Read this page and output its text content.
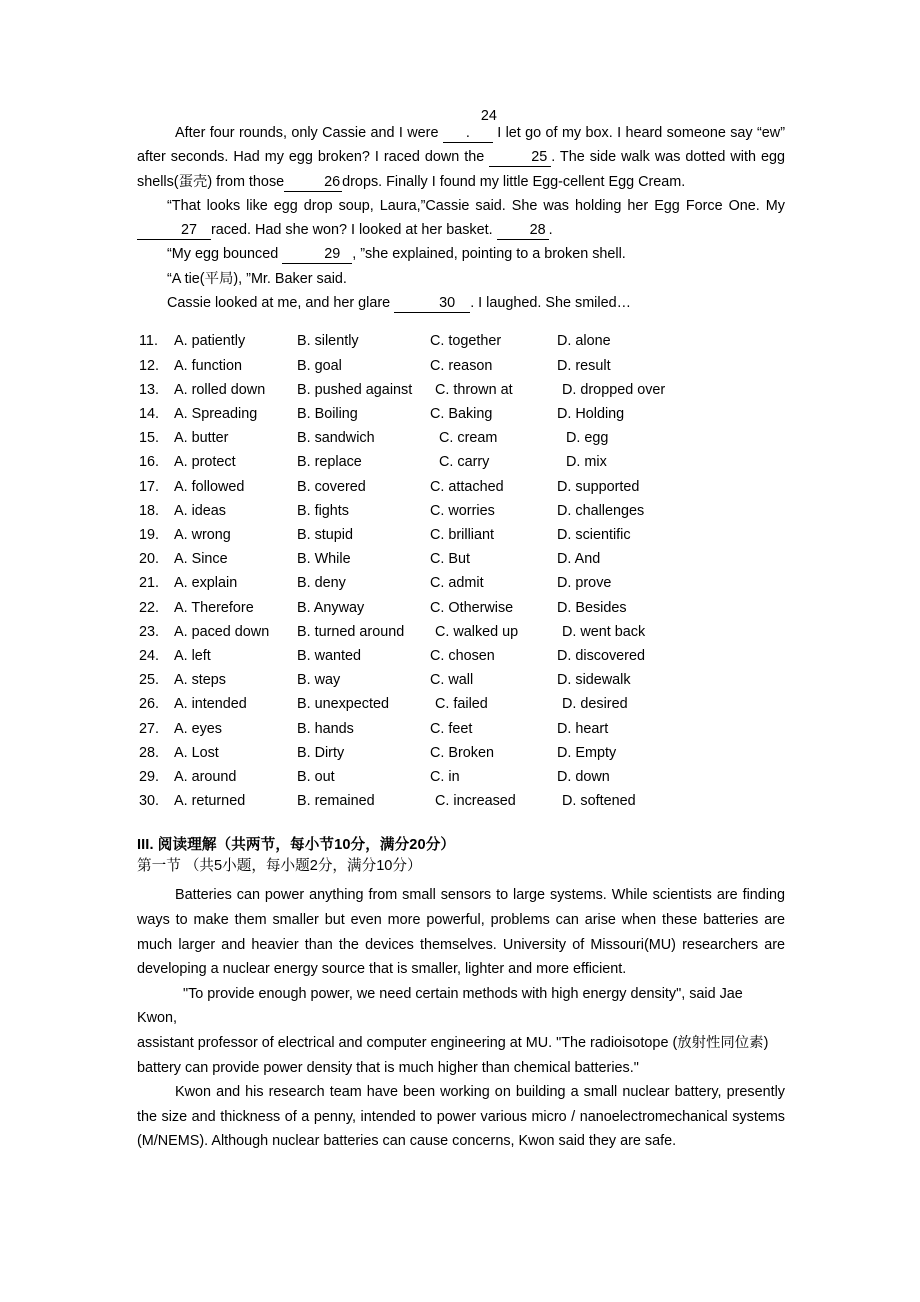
After four rounds, only Cassie and I were 24 . I let go of my box. I heard someone say “ew” after seconds. Had my egg broken? I raced down the	25 . The side walk was dotted with egg shells(蛋壳) from those	26 drops. Finally I found my little Egg-cellent Egg Cream.

“That looks like egg drop soup, Laura,”Cassie said. She was holding her Egg Force One. My 27 raced. Had she won? I looked at her basket. 28 .

“My egg bounced	29 , ”she explained, pointing to a broken shell.

“A tie(平局), ”Mr. Baker said.

Cassie looked at me, and her glare	30 . I laughed. She smiled…

11.	A. patiently	B. silently	C. together	D. alone
12.	A. function	B. goal	C. reason	D. result
13.	A. rolled down	B. pushed against	C. thrown at	D. dropped over
14.	A. Spreading	B. Boiling	C. Baking	D. Holding
15.	A. butter	B. sandwich	C. cream	D. egg
16.	A. protect	B. replace	C. carry	D. mix
17.	A. followed	B. covered	C. attached	D. supported
18.	A. ideas	B. fights	C. worries	D. challenges
19.	A. wrong	B. stupid	C. brilliant	D. scientific
20.	A. Since	B. While	C. But	D. And
21.	A. explain	B. deny	C. admit	D. prove
22.	A. Therefore	B. Anyway	C. Otherwise	D. Besides
23.	A. paced down	B. turned around	C. walked up	D. went back
24.	A. left	B. wanted	C. chosen	D. discovered
25.	A. steps	B. way	C. wall	D. sidewalk
26.	A. intended	B. unexpected	C. failed	D. desired
27.	A. eyes	B. hands	C. feet	D. heart
28.	A. Lost	B. Dirty	C. Broken	D. Empty
29.	A. around	B. out	C. in	D. down
30.	A. returned	B. remained	C. increased	D. softened
III. 阅读理解（共两节，每小节10分，满分20分）
第一节 （共5小题，每小题2分，满分10分）

Batteries can power anything from small sensors to large systems. While scientists are finding ways to make them smaller but even more powerful, problems can arise when these batteries are much larger and heavier than the devices themselves. University of Missouri(MU) researchers are developing a nuclear energy source that is smaller, lighter and more efficient.

"To provide enough power, we need certain methods with high energy density", said Jae
Kwon,
assistant professor of electrical and computer engineering at MU. "The radioisotope (放射性同位素)
battery can provide power density that is much higher than chemical batteries."

Kwon and his research team have been working on building a small nuclear battery, presently the size and thickness of a penny, intended to power various micro / nanoelectromechanical systems (M/NEMS). Although nuclear batteries can cause concerns, Kwon said they are safe.
